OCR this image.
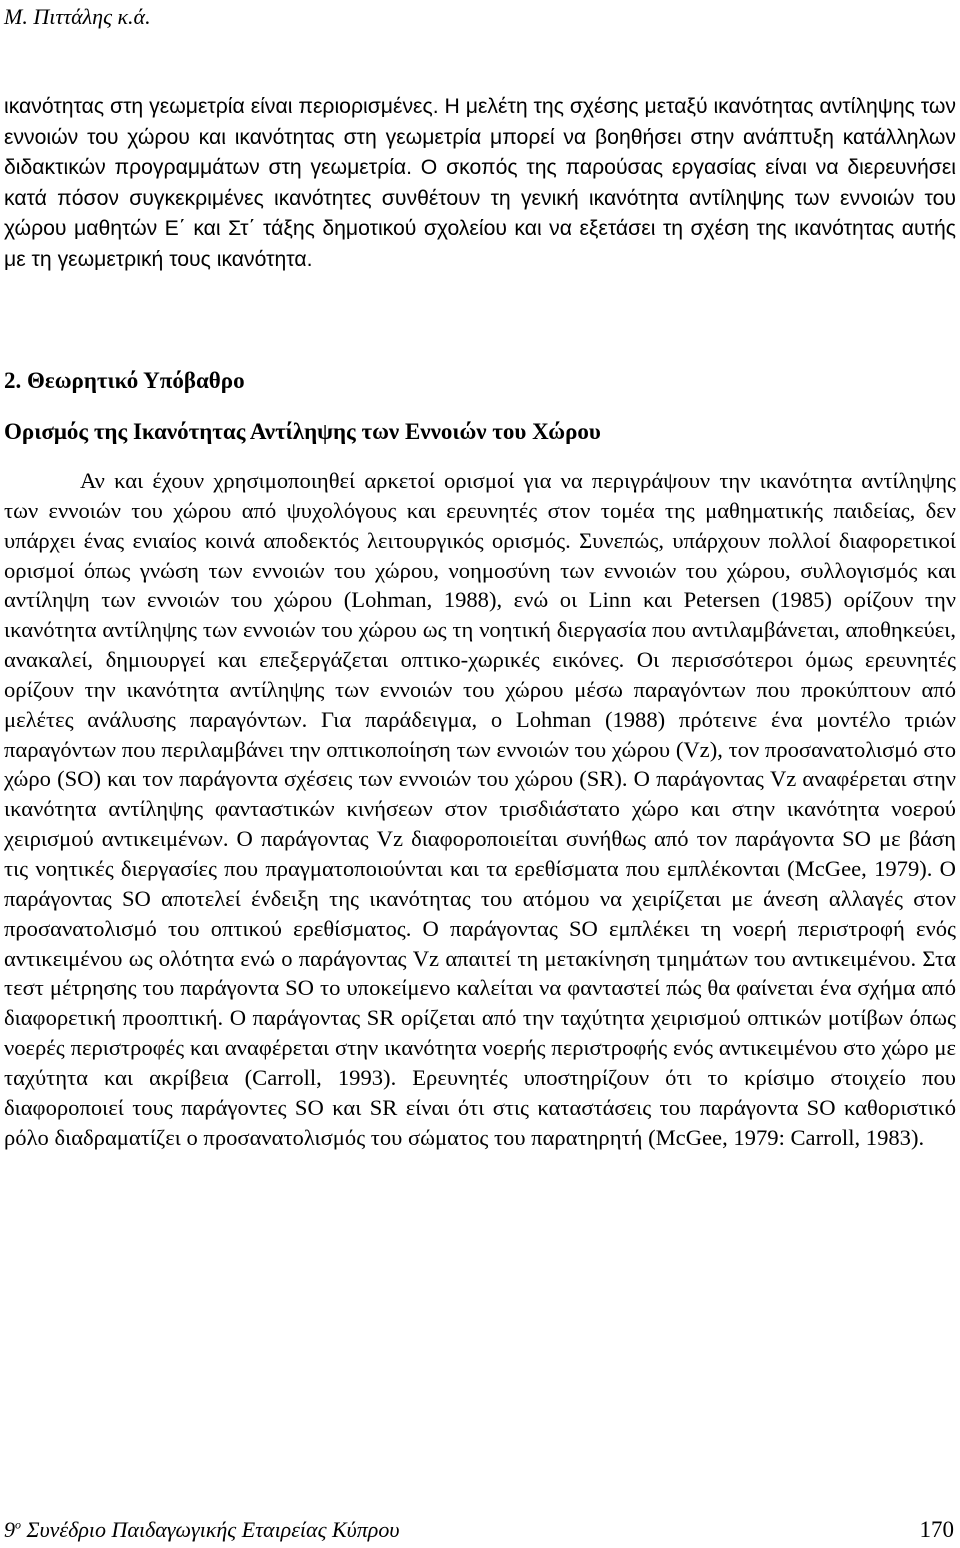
Μ. Πιττάλης κ.ά.
ικανότητας στη γεωμετρία είναι περιορισμένες. Η μελέτη της σχέσης μεταξύ ικανότητας αντίληψης των εννοιών του χώρου και ικανότητας στη γεωμετρία μπορεί να βοηθήσει στην ανάπτυξη κατάλληλων διδακτικών προγραμμάτων στη γεωμετρία. Ο σκοπός της παρούσας εργασίας είναι να διερευνήσει κατά πόσον συγκεκριμένες ικανότητες συνθέτουν τη γενική ικανότητα αντίληψης των εννοιών του χώρου μαθητών Ε΄ και Στ΄ τάξης δημοτικού σχολείου και να εξετάσει τη σχέση της ικανότητας αυτής με τη γεωμετρική τους ικανότητα.
2. Θεωρητικό Υπόβαθρο
Ορισμός της Ικανότητας Αντίληψης των Εννοιών του Χώρου
Αν και έχουν χρησιμοποιηθεί αρκετοί ορισμοί για να περιγράψουν την ικανότητα αντίληψης των εννοιών του χώρου από ψυχολόγους και ερευνητές στον τομέα της μαθηματικής παιδείας, δεν υπάρχει ένας ενιαίος κοινά αποδεκτός λειτουργικός ορισμός. Συνεπώς, υπάρχουν πολλοί διαφορετικοί ορισμοί όπως γνώση των εννοιών του χώρου, νοημοσύνη των εννοιών του χώρου, συλλογισμός και αντίληψη των εννοιών του χώρου (Lohman, 1988), ενώ οι Linn και Petersen (1985) ορίζουν την ικανότητα αντίληψης των εννοιών του χώρου ως τη νοητική διεργασία που αντιλαμβάνεται, αποθηκεύει, ανακαλεί, δημιουργεί και επεξεργάζεται οπτικο-χωρικές εικόνες. Οι περισσότεροι όμως ερευνητές ορίζουν την ικανότητα αντίληψης των εννοιών του χώρου μέσω παραγόντων που προκύπτουν από μελέτες ανάλυσης παραγόντων. Για παράδειγμα, ο Lohman (1988) πρότεινε ένα μοντέλο τριών παραγόντων που περιλαμβάνει την οπτικοποίηση των εννοιών του χώρου (Vz), τον προσανατολισμό στο χώρο (SO) και τον παράγοντα σχέσεις των εννοιών του χώρου (SR). Ο παράγοντας Vz αναφέρεται στην ικανότητα αντίληψης φανταστικών κινήσεων στον τρισδιάστατο χώρο και στην ικανότητα νοερού χειρισμού αντικειμένων. Ο παράγοντας Vz διαφοροποιείται συνήθως από τον παράγοντα SO με βάση τις νοητικές διεργασίες που πραγματοποιούνται και τα ερεθίσματα που εμπλέκονται (McGee, 1979). Ο παράγοντας SO αποτελεί ένδειξη της ικανότητας του ατόμου να χειρίζεται με άνεση αλλαγές στον προσανατολισμό του οπτικού ερεθίσματος. Ο παράγοντας SO εμπλέκει τη νοερή περιστροφή ενός αντικειμένου ως ολότητα ενώ ο παράγοντας Vz απαιτεί τη μετακίνηση τμημάτων του αντικειμένου. Στα τεστ μέτρησης του παράγοντα SO το υποκείμενο καλείται να φανταστεί πώς θα φαίνεται ένα σχήμα από διαφορετική προοπτική. Ο παράγοντας SR ορίζεται από την ταχύτητα χειρισμού οπτικών μοτίβων όπως νοερές περιστροφές και αναφέρεται στην ικανότητα νοερής περιστροφής ενός αντικειμένου στο χώρο με ταχύτητα και ακρίβεια (Carroll, 1993). Ερευνητές υποστηρίζουν ότι το κρίσιμο στοιχείο που διαφοροποιεί τους παράγοντες SO και SR είναι ότι στις καταστάσεις του παράγοντα SO καθοριστικό ρόλο διαδραματίζει ο προσανατολισμός του σώματος του παρατηρητή (McGee, 1979: Carroll, 1983).
$9^o$ Συνέδριο Παιδαγωγικής Εταιρείας Κύπρου	170
